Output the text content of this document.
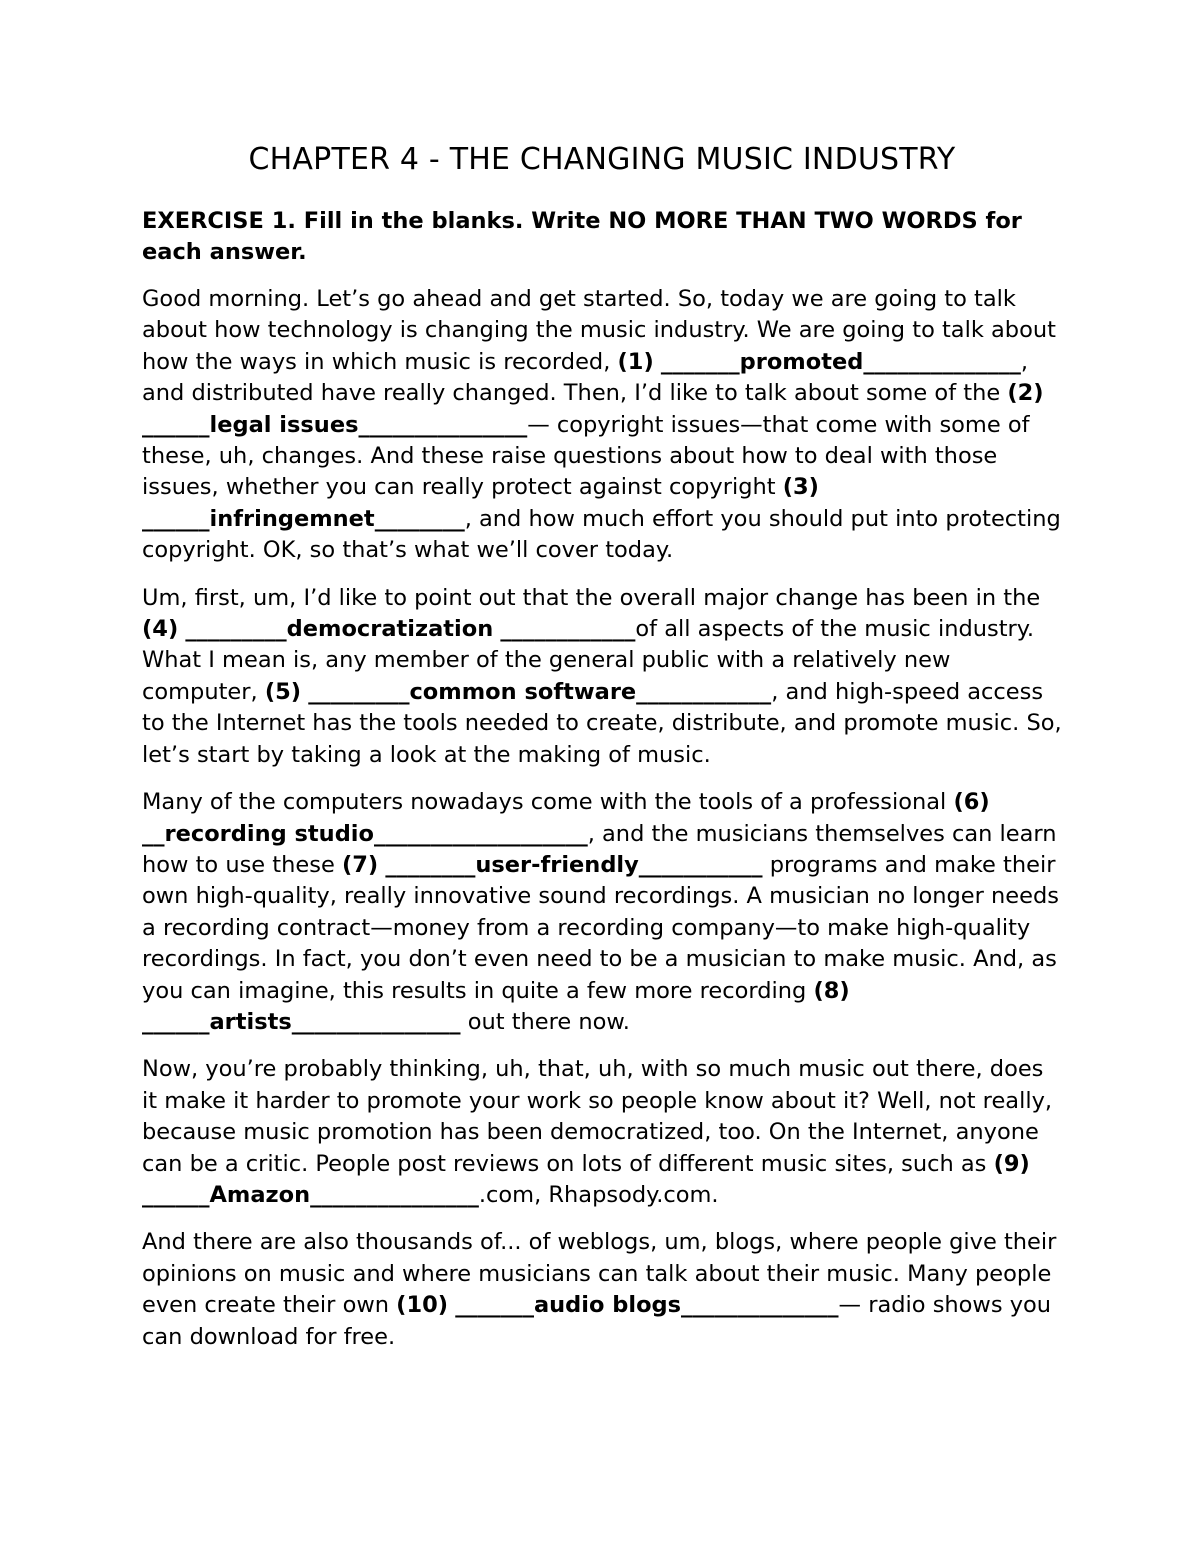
CHAPTER 4 - THE CHANGING MUSIC INDUSTRY
EXERCISE 1. Fill in the blanks. Write NO MORE THAN TWO WORDS for each answer.

Good morning. Let’s go ahead and get started. So, today we are going to talk about how technology is changing the music industry. We are going to talk about how the ways in which music is recorded, (1) _______promoted______________, and distributed have really changed. Then, I’d like to talk about some of the (2) ______legal issues_______________— copyright issues—that come with some of these, uh, changes. And these raise questions about how to deal with those issues, whether you can really protect against copyright (3) ______infringemnet________, and how much effort you should put into protecting copyright. OK, so that’s what we’ll cover today.

Um, first, um, I’d like to point out that the overall major change has been in the (4) _________democratization ____________of all aspects of the music industry. What I mean is, any member of the general public with a relatively new computer, (5) _________common software____________, and high-speed access to the Internet has the tools needed to create, distribute, and promote music. So, let’s start by taking a look at the making of music.

Many of the computers nowadays come with the tools of a professional (6) __recording studio___________________, and the musicians themselves can learn how to use these (7) ________user-friendly___________ programs and make their own high-quality, really innovative sound recordings. A musician no longer needs a recording contract—money from a recording company—to make high-quality recordings. In fact, you don’t even need to be a musician to make music. And, as you can imagine, this results in quite a few more recording (8) ______artists_______________ out there now.

Now, you’re probably thinking, uh, that, uh, with so much music out there, does it make it harder to promote your work so people know about it? Well, not really, because music promotion has been democratized, too. On the Internet, anyone can be a critic. People post reviews on lots of different music sites, such as (9) ______Amazon_______________.com, Rhapsody.com.

And there are also thousands of... of weblogs, um, blogs, where people give their opinions on music and where musicians can talk about their music. Many people even create their own (10) _______audio blogs______________— radio shows you can download for free.
